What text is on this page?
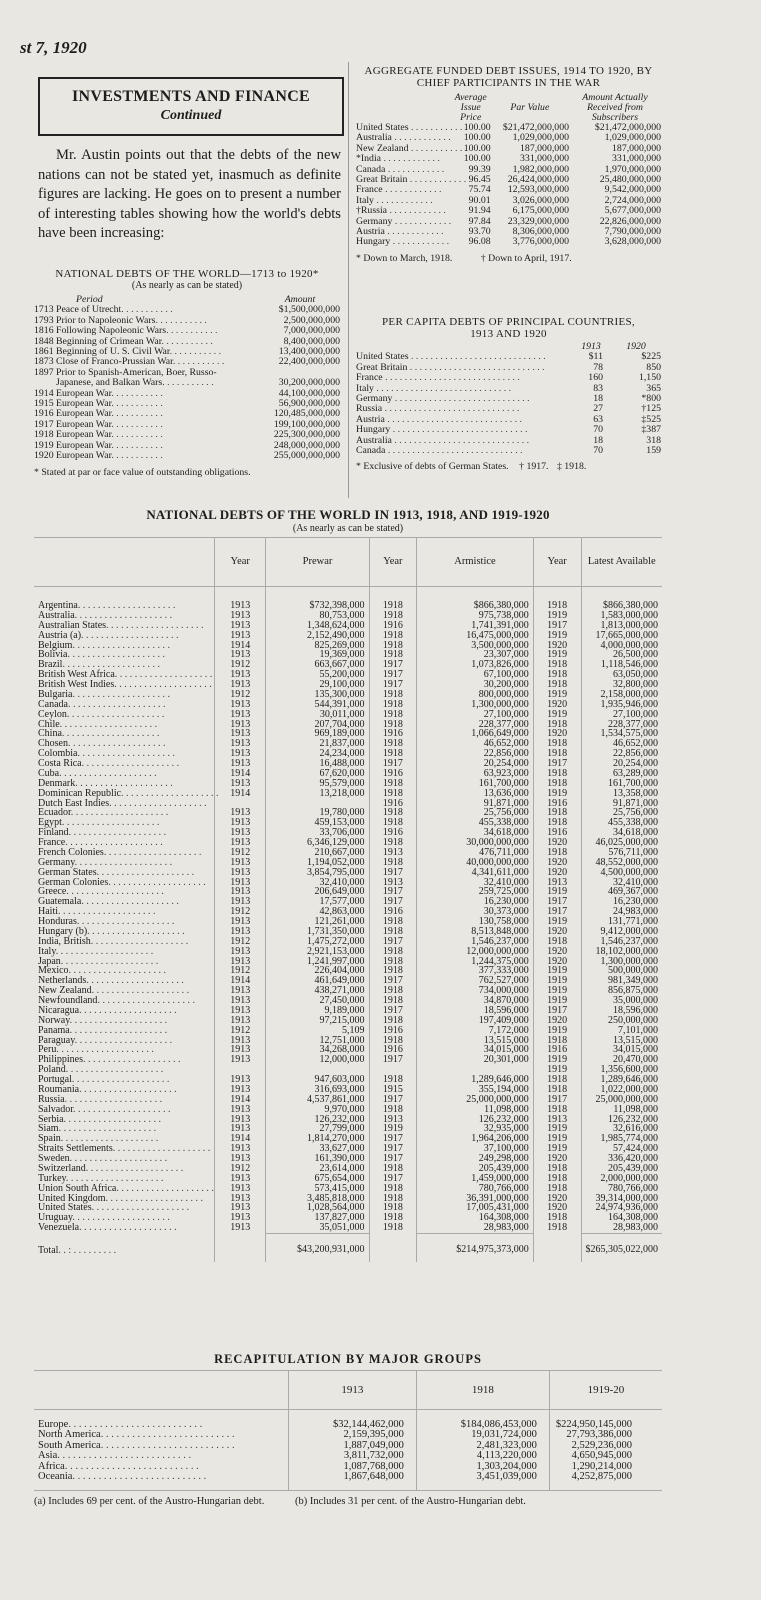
st 7, 1920
INVESTMENTS AND FINANCE
Continued
Mr. Austin points out that the debts of the new nations can not be stated yet, inasmuch as definite figures are lacking. He goes on to present a number of interesting tables showing how the world's debts have been increasing:
NATIONAL DEBTS OF THE WORLD—1713 to 1920*
(As nearly as can be stated)
	Period	Amount
1713	Peace of Utrecht. . . . . . . . . . .	$1,500,000,000
1793	Prior to Napoleonic Wars. . . . . . . . . . .	2,500,000,000
1816	Following Napoleonic Wars. . . . . . . . . . .	7,000,000,000
1848	Beginning of Crimean War. . . . . . . . . . .	8,400,000,000
1861	Beginning of U. S. Civil War. . . . . . . . . . .	13,400,000,000
1873	Close of Franco-Prussian War. . . . . . . . . . .	22,400,000,000
1897	Prior to Spanish-American, Boer, Russo-	
	Japanese, and Balkan Wars. . . . . . . . . . .	30,200,000,000
1914	European War. . . . . . . . . . .	44,100,000,000
1915	European War. . . . . . . . . . .	56,900,000,000
1916	European War. . . . . . . . . . .	120,485,000,000
1917	European War. . . . . . . . . . .	199,100,000,000
1918	European War. . . . . . . . . . .	225,300,000,000
1919	European War. . . . . . . . . . .	248,000,000,000
1920	European War. . . . . . . . . . .	255,000,000,000
* Stated at par or face value of outstanding obligations.
AGGREGATE FUNDED DEBT ISSUES, 1914 TO 1920, BY
CHIEF PARTICIPANTS IN THE WAR
	Average Issue Price	Par Value	Amount Actually Received from Subscribers
United States . . . . . . . . . . . .	100.00	$21,472,000,000	$21,472,000,000
Australia . . . . . . . . . . . .	100.00	1,029,000,000	1,029,000,000
New Zealand . . . . . . . . . . . .	100.00	187,000,000	187,000,000
*India . . . . . . . . . . . .	100.00	331,000,000	331,000,000
Canada . . . . . . . . . . . .	99.39	1,982,000,000	1,970,000,000
Great Britain . . . . . . . . . . . .	96.45	26,424,000,000	25,480,000,000
France . . . . . . . . . . . .	75.74	12,593,000,000	9,542,000,000
Italy . . . . . . . . . . . .	90.01	3,026,000,000	2,724,000,000
†Russia . . . . . . . . . . . .	91.94	6,175,000,000	5,677,000,000
Germany . . . . . . . . . . . .	97.84	23,329,000,000	22,826,000,000
Austria . . . . . . . . . . . .	93.70	8,306,000,000	7,790,000,000
Hungary . . . . . . . . . . . .	96.08	3,776,000,000	3,628,000,000
* Down to March, 1918.	† Down to April, 1917.
PER CAPITA DEBTS OF PRINCIPAL COUNTRIES,
1913 AND 1920
	1913	1920
United States . . . . . . . . . . . . . . . . . . . . . . . . . . . .	$11	$225
Great Britain . . . . . . . . . . . . . . . . . . . . . . . . . . . .	78	850
France . . . . . . . . . . . . . . . . . . . . . . . . . . . .	160	1,150
Italy . . . . . . . . . . . . . . . . . . . . . . . . . . . .	83	365
Germany . . . . . . . . . . . . . . . . . . . . . . . . . . . .	18	*800
Russia . . . . . . . . . . . . . . . . . . . . . . . . . . . .	27	†125
Austria . . . . . . . . . . . . . . . . . . . . . . . . . . . .	63	‡525
Hungary . . . . . . . . . . . . . . . . . . . . . . . . . . . .	70	‡387
Australia . . . . . . . . . . . . . . . . . . . . . . . . . . . .	18	318
Canada . . . . . . . . . . . . . . . . . . . . . . . . . . . .	70	159
* Exclusive of debts of German States. † 1917. ‡ 1918.
NATIONAL DEBTS OF THE WORLD IN 1913, 1918, AND 1919-1920
(As nearly as can be stated)
	Year	Prewar	Year	Armistice	Year	Latest Available
Argentina. . . . . . . . . . . . . . . . . . . .	1913	$732,398,000	1918	$866,380,000	1918	$866,380,000
Australia. . . . . . . . . . . . . . . . . . . .	1913	80,753,000	1918	975,738,000	1919	1,583,000,000
Australian States. . . . . . . . . . . . . . . . . . . .	1913	1,348,624,000	1916	1,741,391,000	1917	1,813,000,000
Austria (a). . . . . . . . . . . . . . . . . . . .	1913	2,152,490,000	1918	16,475,000,000	1919	17,665,000,000
Belgium. . . . . . . . . . . . . . . . . . . .	1914	825,269,000	1918	3,500,000,000	1920	4,000,000,000
Bolivia. . . . . . . . . . . . . . . . . . . .	1913	19,369,000	1918	23,307,000	1919	26,500,000
Brazil. . . . . . . . . . . . . . . . . . . .	1912	663,667,000	1917	1,073,826,000	1918	1,118,546,000
British West Africa. . . . . . . . . . . . . . . . . . . .	1913	55,200,000	1917	67,100,000	1918	63,050,000
British West Indies. . . . . . . . . . . . . . . . . . . .	1913	29,100,000	1917	30,200,000	1918	32,800,000
Bulgaria. . . . . . . . . . . . . . . . . . . .	1912	135,300,000	1918	800,000,000	1919	2,158,000,000
Canada. . . . . . . . . . . . . . . . . . . .	1913	544,391,000	1918	1,300,000,000	1920	1,935,946,000
Ceylon. . . . . . . . . . . . . . . . . . . .	1913	30,011,000	1918	27,100,000	1919	27,100,000
Chile. . . . . . . . . . . . . . . . . . . .	1913	207,704,000	1918	228,377,000	1918	228,377,000
China. . . . . . . . . . . . . . . . . . . .	1913	969,189,000	1916	1,066,649,000	1920	1,534,575,000
Chosen. . . . . . . . . . . . . . . . . . . .	1913	21,837,000	1918	46,652,000	1918	46,652,000
Colombia. . . . . . . . . . . . . . . . . . . .	1913	24,234,000	1918	22,856,000	1918	22,856,000
Costa Rica. . . . . . . . . . . . . . . . . . . .	1913	16,488,000	1917	20,254,000	1917	20,254,000
Cuba. . . . . . . . . . . . . . . . . . . .	1914	67,620,000	1916	63,923,000	1918	63,289,000
Denmark. . . . . . . . . . . . . . . . . . . .	1913	95,579,000	1918	161,700,000	1918	161,700,000
Dominican Republic. . . . . . . . . . . . . . . . . . . .	1914	13,218,000	1918	13,636,000	1919	13,358,000
Dutch East Indies. . . . . . . . . . . . . . . . . . . .			1916	91,871,000	1916	91,871,000
Ecuador. . . . . . . . . . . . . . . . . . . .	1913	19,780,000	1918	25,756,000	1918	25,756,000
Egypt. . . . . . . . . . . . . . . . . . . .	1913	459,153,000	1918	455,338,000	1918	455,338,000
Finland. . . . . . . . . . . . . . . . . . . .	1913	33,706,000	1916	34,618,000	1916	34,618,000
France. . . . . . . . . . . . . . . . . . . .	1913	6,346,129,000	1918	30,000,000,000	1920	46,025,000,000
French Colonies. . . . . . . . . . . . . . . . . . . .	1912	210,667,000	1913	476,711,000	1918	576,711,000
Germany. . . . . . . . . . . . . . . . . . . .	1913	1,194,052,000	1918	40,000,000,000	1920	48,552,000,000
German States. . . . . . . . . . . . . . . . . . . .	1913	3,854,795,000	1917	4,341,611,000	1920	4,500,000,000
German Colonies. . . . . . . . . . . . . . . . . . . .	1913	32,410,000	1913	32,410,000	1913	32,410,000
Greece. . . . . . . . . . . . . . . . . . . .	1913	206,649,000	1917	259,725,000	1919	469,367,000
Guatemala. . . . . . . . . . . . . . . . . . . .	1913	17,577,000	1917	16,230,000	1917	16,230,000
Haiti. . . . . . . . . . . . . . . . . . . .	1912	42,863,000	1916	30,373,000	1917	24,983,000
Honduras. . . . . . . . . . . . . . . . . . . .	1913	121,261,000	1918	130,758,000	1919	131,771,000
Hungary (b). . . . . . . . . . . . . . . . . . . .	1913	1,731,350,000	1918	8,513,848,000	1920	9,412,000,000
India, British. . . . . . . . . . . . . . . . . . . .	1912	1,475,272,000	1917	1,546,237,000	1918	1,546,237,000
Italy. . . . . . . . . . . . . . . . . . . .	1913	2,921,153,000	1918	12,000,000,000	1920	18,102,000,000
Japan. . . . . . . . . . . . . . . . . . . .	1913	1,241,997,000	1918	1,244,375,000	1920	1,300,000,000
Mexico. . . . . . . . . . . . . . . . . . . .	1912	226,404,000	1918	377,333,000	1919	500,000,000
Netherlands. . . . . . . . . . . . . . . . . . . .	1914	461,649,000	1917	762,527,000	1919	981,349,000
New Zealand. . . . . . . . . . . . . . . . . . . .	1913	438,271,000	1918	734,000,000	1919	856,875,000
Newfoundland. . . . . . . . . . . . . . . . . . . .	1913	27,450,000	1918	34,870,000	1919	35,000,000
Nicaragua. . . . . . . . . . . . . . . . . . . .	1913	9,189,000	1917	18,596,000	1917	18,596,000
Norway. . . . . . . . . . . . . . . . . . . .	1913	97,215,000	1918	197,409,000	1920	250,000,000
Panama. . . . . . . . . . . . . . . . . . . .	1912	5,109	1916	7,172,000	1919	7,101,000
Paraguay. . . . . . . . . . . . . . . . . . . .	1913	12,751,000	1918	13,515,000	1918	13,515,000
Peru. . . . . . . . . . . . . . . . . . . .	1913	34,268,000	1916	34,015,000	1916	34,015,000
Philippines. . . . . . . . . . . . . . . . . . . .	1913	12,000,000	1917	20,301,000	1919	20,470,000
Poland. . . . . . . . . . . . . . . . . . . .					1919	1,356,600,000
Portugal. . . . . . . . . . . . . . . . . . . .	1913	947,603,000	1918	1,289,646,000	1918	1,289,646,000
Roumania. . . . . . . . . . . . . . . . . . . .	1913	316,693,000	1915	355,194,000	1918	1,022,000,000
Russia. . . . . . . . . . . . . . . . . . . .	1914	4,537,861,000	1917	25,000,000,000	1917	25,000,000,000
Salvador. . . . . . . . . . . . . . . . . . . .	1913	9,970,000	1918	11,098,000	1918	11,098,000
Serbia. . . . . . . . . . . . . . . . . . . .	1913	126,232,000	1913	126,232,000	1913	126,232,000
Siam. . . . . . . . . . . . . . . . . . . .	1913	27,799,000	1919	32,935,000	1919	32,616,000
Spain. . . . . . . . . . . . . . . . . . . .	1914	1,814,270,000	1917	1,964,206,000	1919	1,985,774,000
Straits Settlements. . . . . . . . . . . . . . . . . . . .	1913	33,627,000	1917	37,100,000	1919	57,424,000
Sweden. . . . . . . . . . . . . . . . . . . .	1913	161,390,000	1917	249,298,000	1920	336,420,000
Switzerland. . . . . . . . . . . . . . . . . . . .	1912	23,614,000	1918	205,439,000	1918	205,439,000
Turkey. . . . . . . . . . . . . . . . . . . .	1913	675,654,000	1917	1,459,000,000	1918	2,000,000,000
Union South Africa. . . . . . . . . . . . . . . . . . . .	1913	573,415,000	1918	780,766,000	1918	780,766,000
United Kingdom. . . . . . . . . . . . . . . . . . . .	1913	3,485,818,000	1918	36,391,000,000	1920	39,314,000,000
United States. . . . . . . . . . . . . . . . . . . .	1913	1,028,564,000	1918	17,005,431,000	1920	24,974,936,000
Uruguay. . . . . . . . . . . . . . . . . . . .	1913	137,827,000	1918	164,308,000	1918	164,308,000
Venezuela. . . . . . . . . . . . . . . . . . . .	1913	35,051,000	1918	28,983,000	1918	28,983,000
Total. . : . . . . . . . . .		$43,200,931,000		$214,975,373,000		$265,305,022,000
RECAPITULATION BY MAJOR GROUPS
	1913	1918	1919-20
Europe. . . . . . . . . . . . . . . . . . . . . . . . . .	$32,144,462,000	$184,086,453,000	$224,950,145,000
North America. . . . . . . . . . . . . . . . . . . . . . . . . .	2,159,395,000	19,031,724,000	27,793,386,000
South America. . . . . . . . . . . . . . . . . . . . . . . . . .	1,887,049,000	2,481,323,000	2,529,236,000
Asia. . . . . . . . . . . . . . . . . . . . . . . . . .	3,811,732,000	4,113,220,000	4,650,945,000
Africa. . . . . . . . . . . . . . . . . . . . . . . . . .	1,087,768,000	1,303,204,000	1,290,214,000
Oceania. . . . . . . . . . . . . . . . . . . . . . . . . .	1,867,648,000	3,451,039,000	4,252,875,000
(a) Includes 69 per cent. of the Austro-Hungarian debt.	(b) Includes 31 per cent. of the Austro-Hungarian debt.
